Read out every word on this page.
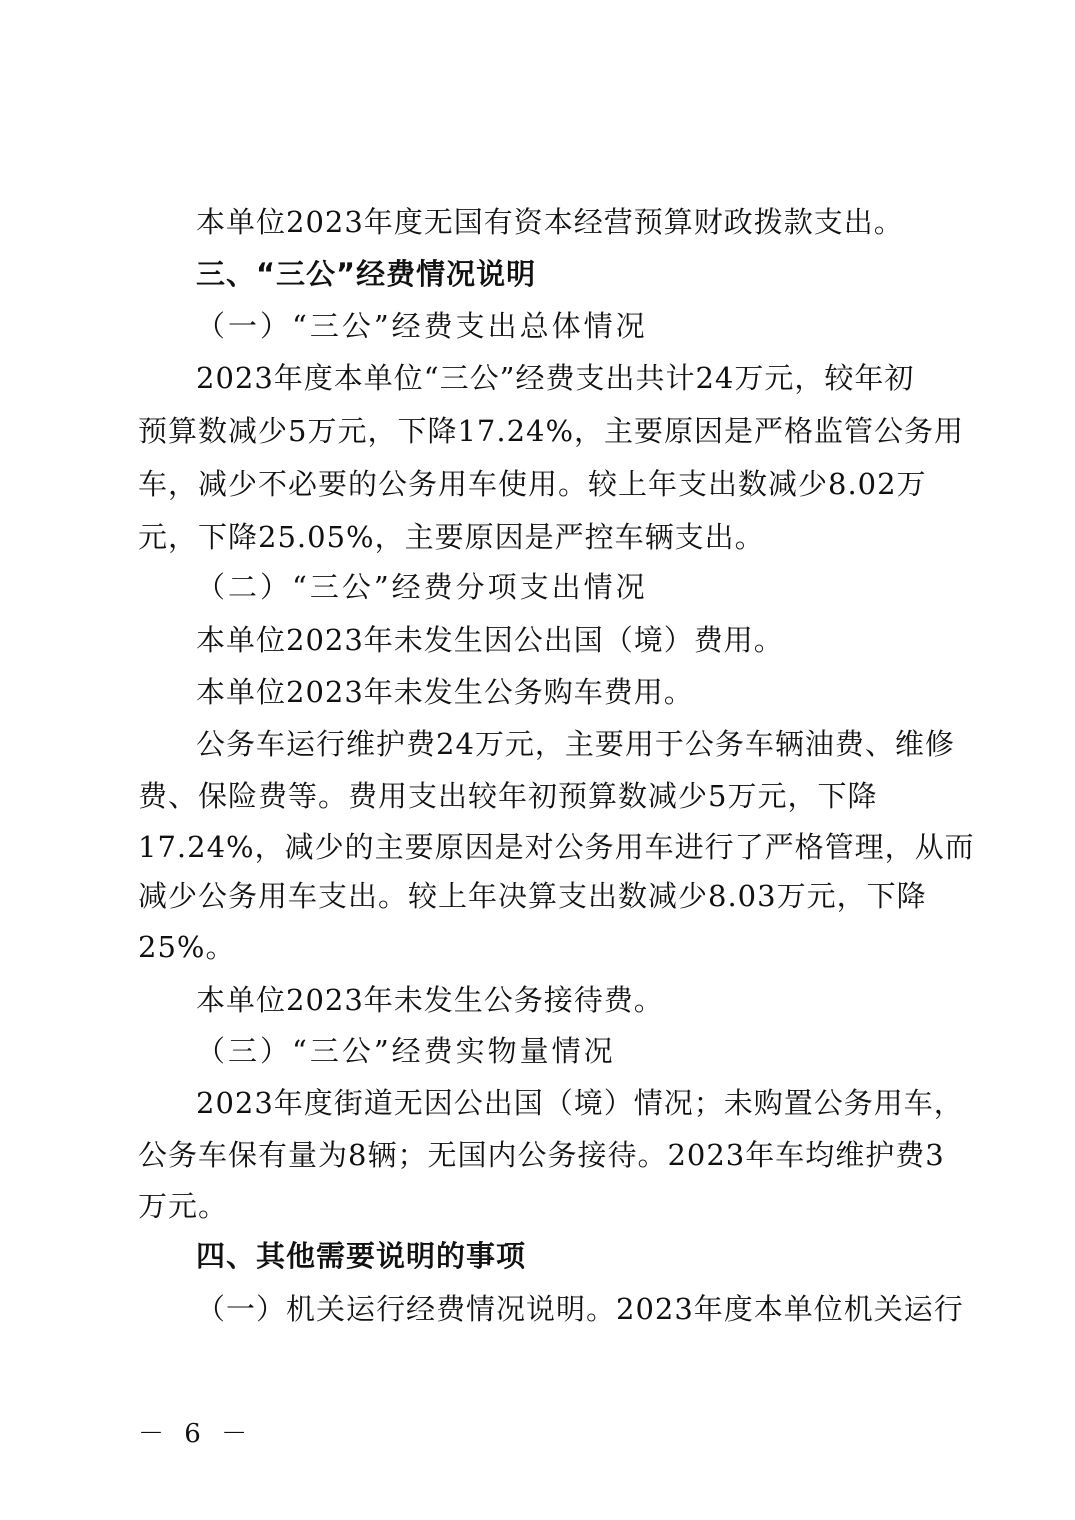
本单位2023年度无国有资本经营预算财政拨款支出。
三、“三公”经费情况说明
（一）“三公”经费支出总体情况
2023年度本单位“三公”经费支出共计24万元，较年初
预算数减少5万元，下降17.24%，主要原因是严格监管公务用
车，减少不必要的公务用车使用。较上年支出数减少8.02万
元，下降25.05%，主要原因是严控车辆支出。
（二）“三公”经费分项支出情况
本单位2023年未发生因公出国（境）费用。
本单位2023年未发生公务购车费用。
公务车运行维护费24万元，主要用于公务车辆油费、维修
费、保险费等。费用支出较年初预算数减少5万元，下降
17.24%，减少的主要原因是对公务用车进行了严格管理，从而
减少公务用车支出。较上年决算支出数减少8.03万元，下降
25%。
本单位2023年未发生公务接待费。
（三）“三公”经费实物量情况
2023年度街道无因公出国（境）情况；未购置公务用车，
公务车保有量为8辆；无国内公务接待。2023年车均维护费3
万元。
四、其他需要说明的事项
（一）机关运行经费情况说明。2023年度本单位机关运行
－ 6 －
